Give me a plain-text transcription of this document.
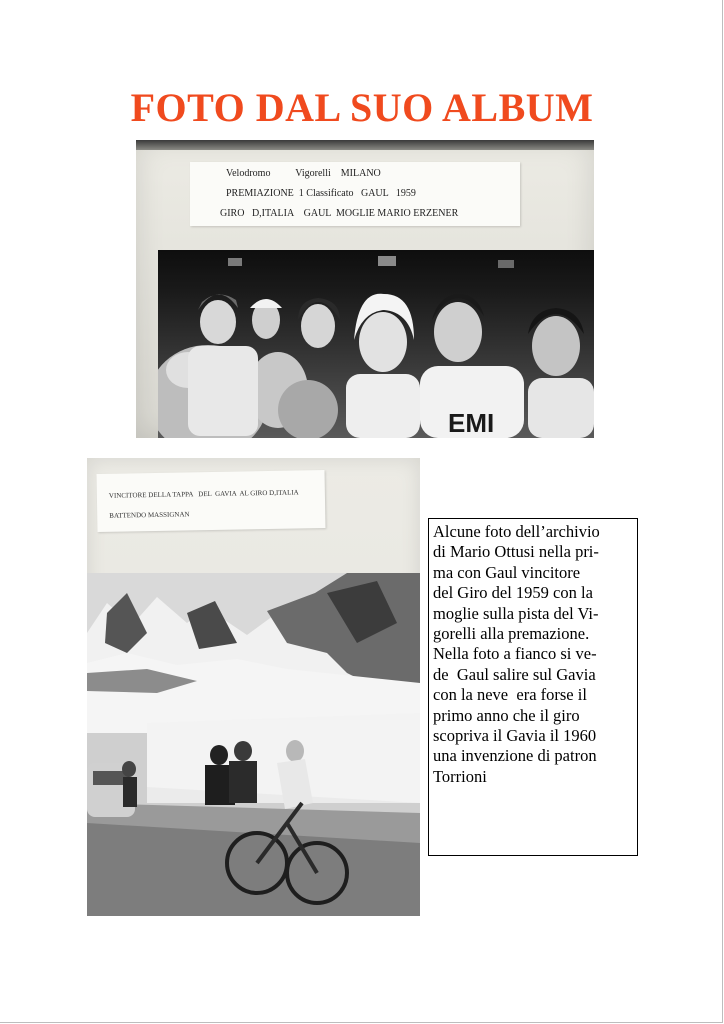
FOTO DAL SUO ALBUM
Velodromo          Vigorelli    MILANO
PREMIAZIONE  1 Classificato   GAUL   1959
GIRO   D,ITALIA    GAUL  MOGLIE MARIO ERZENER
EMI
VINCITORE DELLA TAPPA   DEL  GAVIA  AL GIRO D,ITALIA
BATTENDO MASSIGNAN

Alcune foto dell’archivio

di Mario Ottusi nella pri-

ma con Gaul vincitore

del Giro del 1959 con la

moglie sulla pista del Vi-

gorelli alla premazione.

Nella foto a fianco si ve-

de  Gaul salire sul Gavia

con la neve  era forse il

primo anno che il giro

scopriva il Gavia il 1960

una invenzione di patron

Torrioni
